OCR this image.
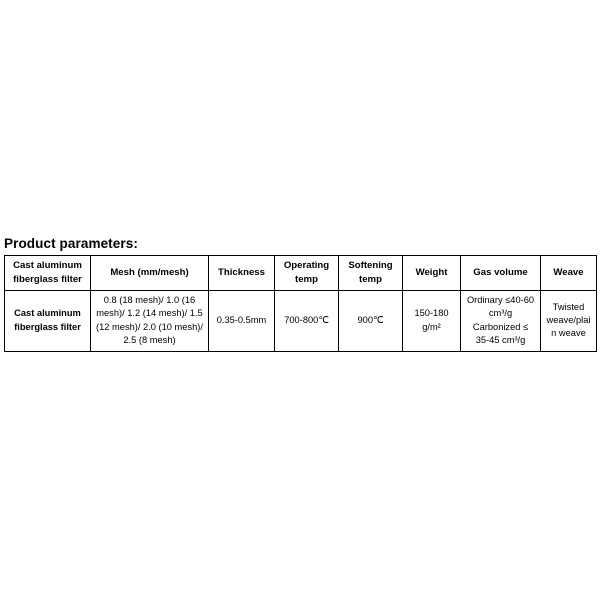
Product parameters:
Cast aluminum fiberglass filter	Mesh (mm/mesh)	Thickness	Operating temp	Softening temp	Weight	Gas volume	Weave
Cast aluminum fiberglass filter	0.8 (18 mesh)/ 1.0 (16 mesh)/ 1.2 (14 mesh)/ 1.5 (12 mesh)/ 2.0 (10 mesh)/ 2.5 (8 mesh)	0.35-0.5mm	700-800℃	900℃	150-180 g/m²	Ordinary ≤40-60 cm³/g Carbonized ≤ 35-45 cm³/g	Twisted weave/plain weave
